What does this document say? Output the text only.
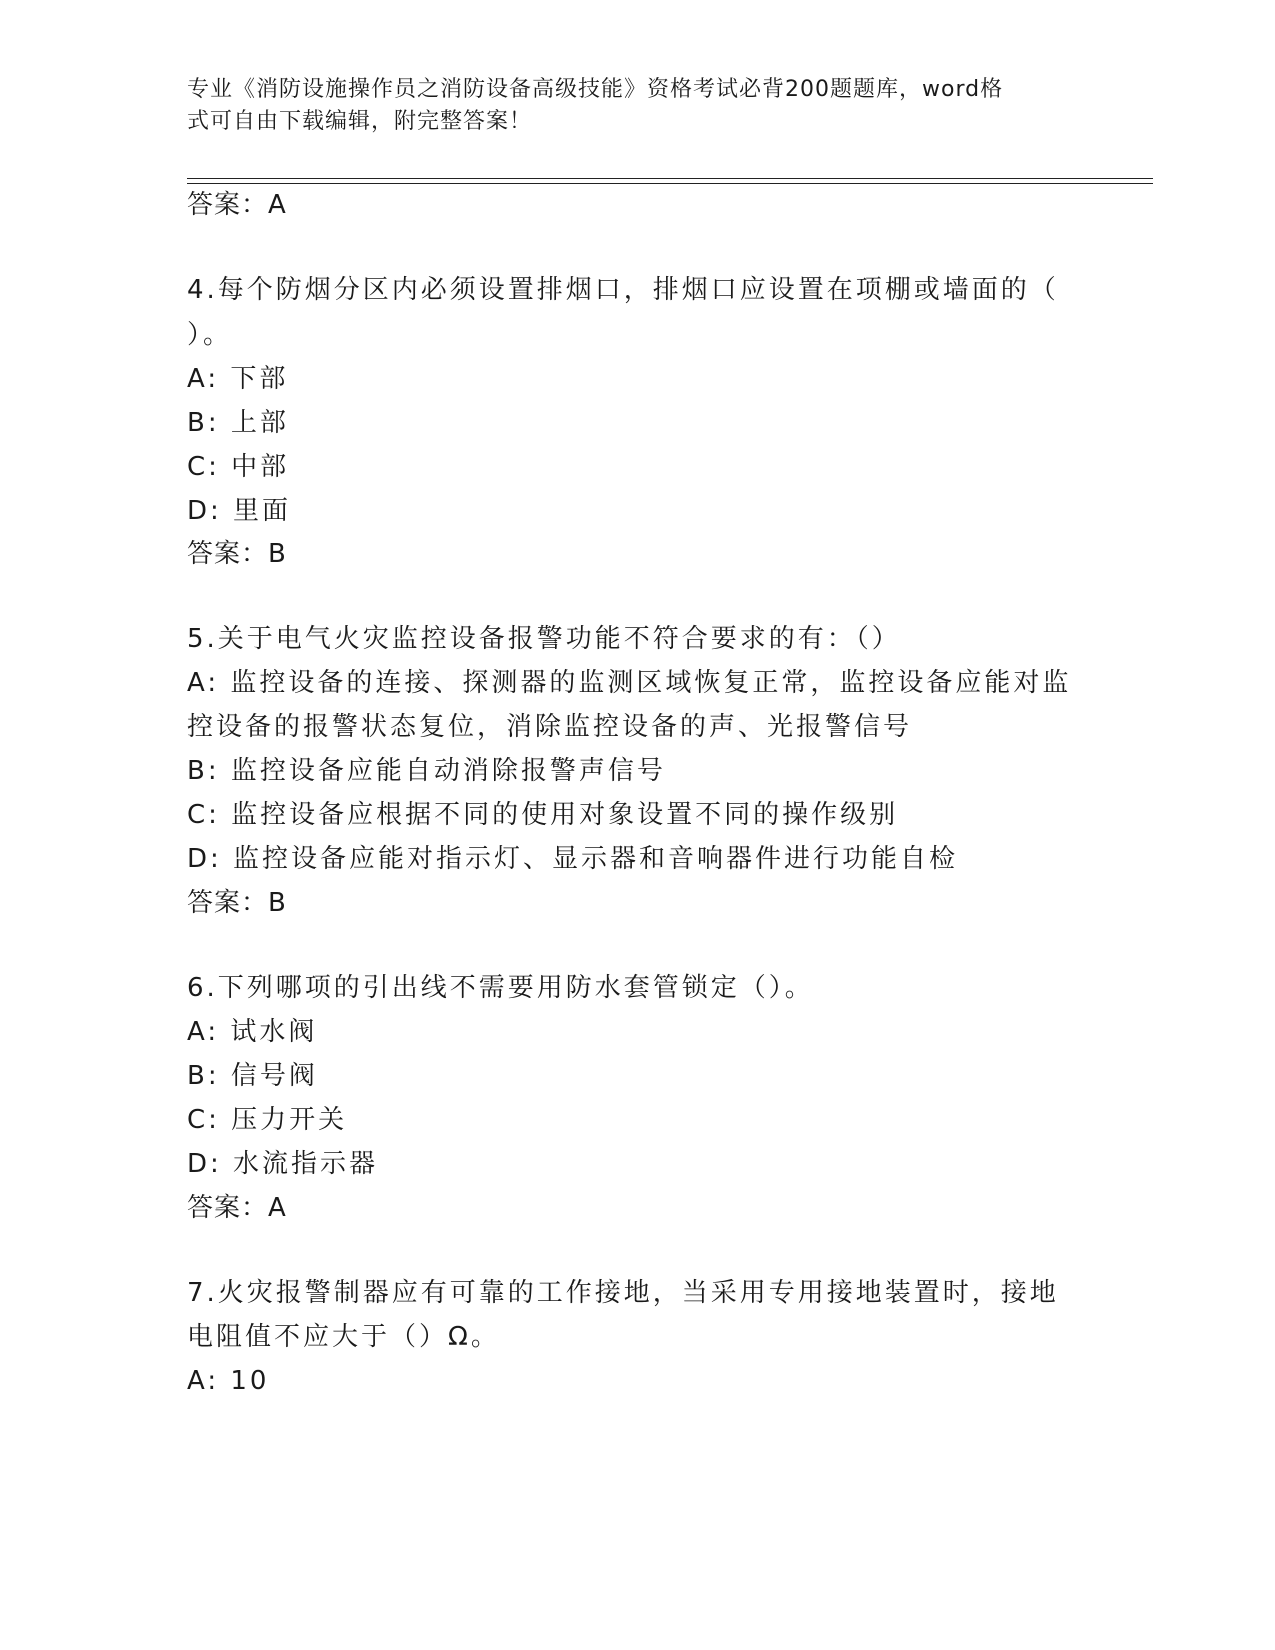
专业《消防设施操作员之消防设备高级技能》资格考试必背200题题库，word格
式可自由下载编辑，附完整答案！
答案：A
4.每个防烟分区内必须设置排烟口，排烟口应设置在项棚或墙面的（
）。
A: 下部
B: 上部
C: 中部
D: 里面
答案：B
5.关于电气火灾监控设备报警功能不符合要求的有：（）
A: 监控设备的连接、探测器的监测区域恢复正常，监控设备应能对监
控设备的报警状态复位，消除监控设备的声、光报警信号
B: 监控设备应能自动消除报警声信号
C: 监控设备应根据不同的使用对象设置不同的操作级别
D: 监控设备应能对指示灯、显示器和音响器件进行功能自检
答案：B
6.下列哪项的引出线不需要用防水套管锁定（）。
A: 试水阀
B: 信号阀
C: 压力开关
D: 水流指示器
答案：A
7.火灾报警制器应有可靠的工作接地，当采用专用接地装置时，接地
电阻值不应大于（）Ω。
A: 10
